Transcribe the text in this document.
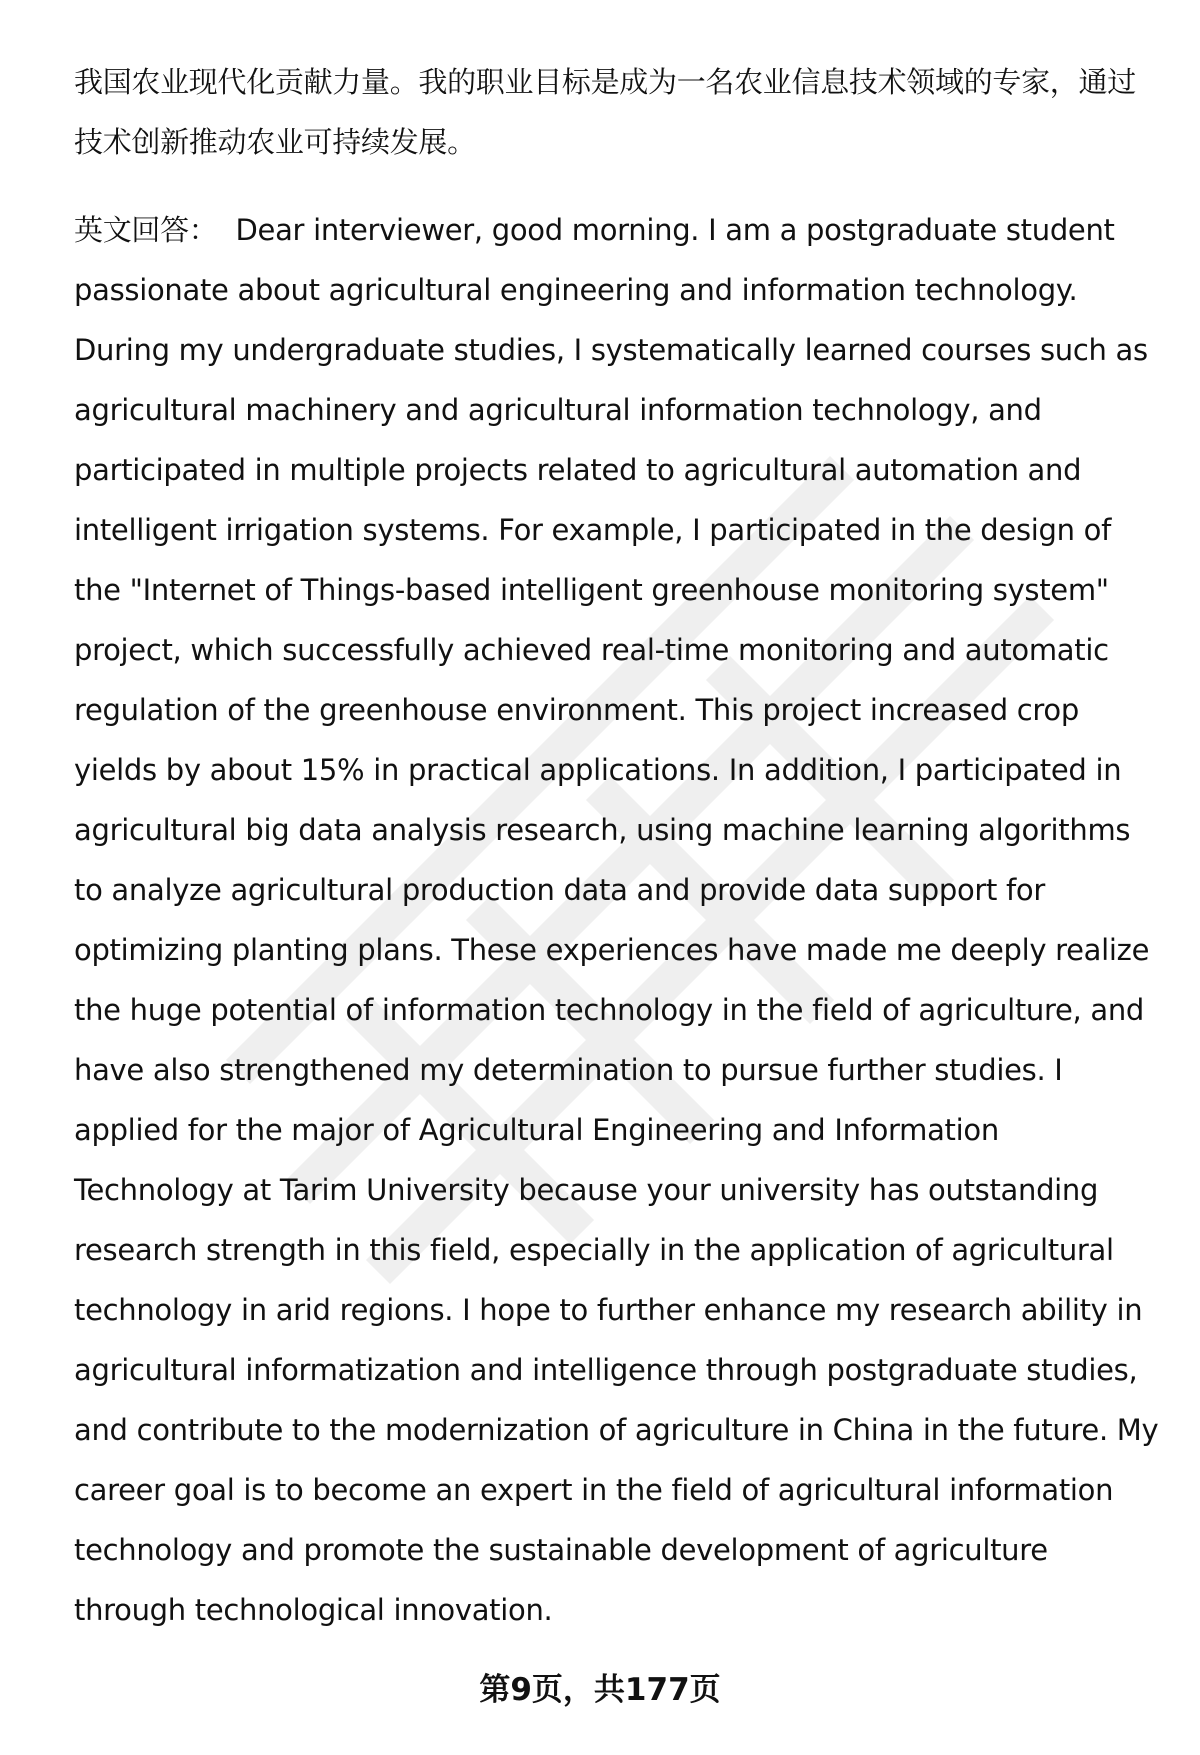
我国农业现代化贡献力量。我的职业目标是成为一名农业信息技术领域的专家，通过技术创新推动农业可持续发展。
英文回答： Dear interviewer, good morning. I am a postgraduate student passionate about agricultural engineering and information technology. During my undergraduate studies, I systematically learned courses such as agricultural machinery and agricultural information technology, and participated in multiple projects related to agricultural automation and intelligent irrigation systems. For example, I participated in the design of the "Internet of Things-based intelligent greenhouse monitoring system" project, which successfully achieved real-time monitoring and automatic regulation of the greenhouse environment. This project increased crop yields by about 15% in practical applications. In addition, I participated in agricultural big data analysis research, using machine learning algorithms to analyze agricultural production data and provide data support for optimizing planting plans. These experiences have made me deeply realize the huge potential of information technology in the field of agriculture, and have also strengthened my determination to pursue further studies. I applied for the major of Agricultural Engineering and Information Technology at Tarim University because your university has outstanding research strength in this field, especially in the application of agricultural technology in arid regions. I hope to further enhance my research ability in agricultural informatization and intelligence through postgraduate studies, and contribute to the modernization of agriculture in China in the future. My career goal is to become an expert in the field of agricultural information technology and promote the sustainable development of agriculture through technological innovation.
第9页，共177页
